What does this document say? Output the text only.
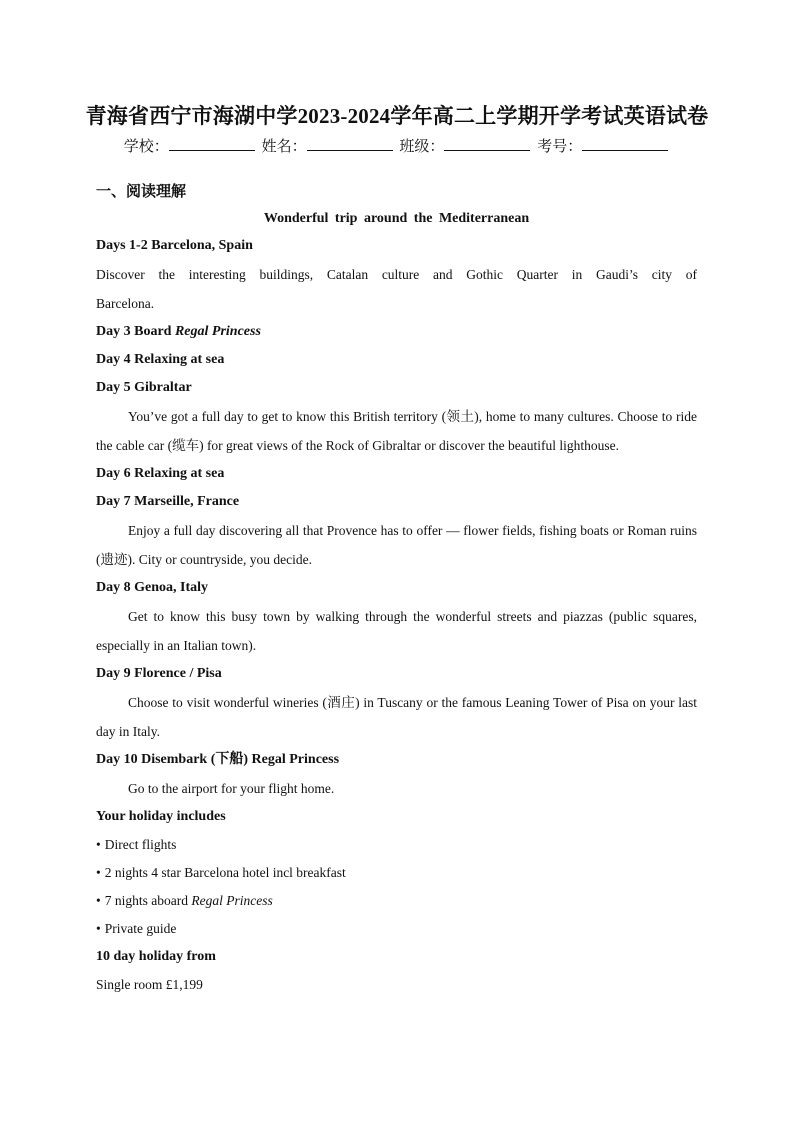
青海省西宁市海湖中学2023-2024学年高二上学期开学考试英语试卷
学校：	姓名：	班级：	考号：
一、阅读理解
Wonderful trip around the Mediterranean
Days 1-2 Barcelona, Spain
Discover the interesting buildings, Catalan culture and Gothic Quarter in Gaudi’s city of
Barcelona.
Day 3 Board Regal Princess
Day 4 Relaxing at sea
Day 5 Gibraltar
You’ve got a full day to get to know this British territory (领土), home to many cultures. Choose to ride the cable car (缆车) for great views of the Rock of Gibraltar or discover the beautiful lighthouse.
Day 6 Relaxing at sea
Day 7 Marseille, France
Enjoy a full day discovering all that Provence has to offer — flower fields, fishing boats or Roman ruins (遗迹). City or countryside, you decide.
Day 8 Genoa, Italy
Get to know this busy town by walking through the wonderful streets and piazzas (public squares, especially in an Italian town).
Day 9 Florence / Pisa
Choose to visit wonderful wineries (酒庄) in Tuscany or the famous Leaning Tower of Pisa on your last day in Italy.
Day 10 Disembark (下船) Regal Princess
Go to the airport for your flight home.
Your holiday includes
• Direct flights
• 2 nights 4 star Barcelona hotel incl breakfast
• 7 nights aboard Regal Princess
• Private guide
10 day holiday from
Single room £1,199
